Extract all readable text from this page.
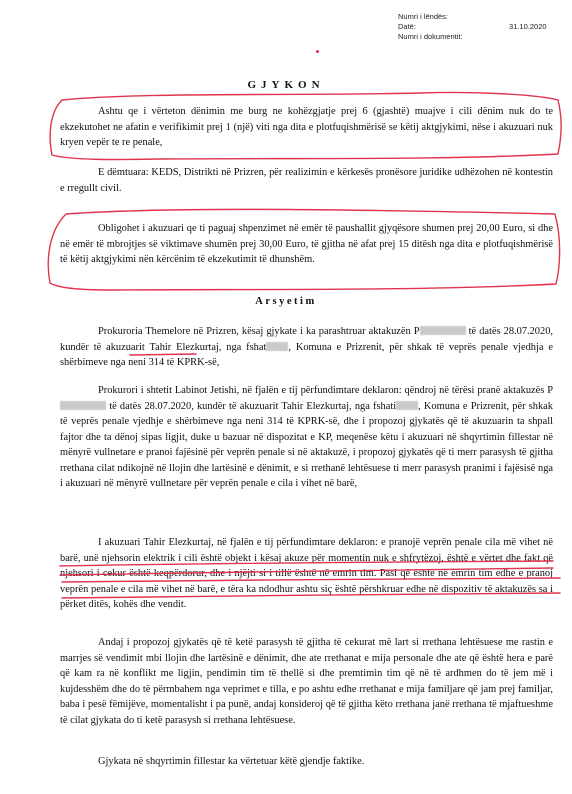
Numri i lëndës:
Datë:	31.10.2020
Numri i dokumentit:
GJYKON

Ashtu qe i vërteton dënimin me burg ne kohëzgjatje prej 6 (gjashtë) muajve i cili dënim nuk do te ekzekutohet ne afatin e verifikimit prej 1 (një) viti nga dita e plotfuqishmërisë se këtij aktgjykimi, nëse i akuzuari nuk kryen vepër te re penale,

E dëmtuara: KEDS, Distrikti në Prizren, për realizimin e kërkesës pronësore juridike udhëzohen në kontestin e rregullt civil.

Obligohet i akuzuari qe ti paguaj shpenzimet në emër të paushallit gjyqësore shumen prej 20,00 Euro, si dhe në emër të mbrojtjes së viktimave shumën prej 30,00 Euro, të gjitha në afat prej 15 ditësh nga dita e plotfuqishmërisë të këtij aktgjykimi nën kërcënim të ekzekutimit të dhunshëm.

Arsyetim

Prokuroria Themelore në Prizren, kësaj gjykate i ka parashtruar aktakuzën P	të datës 28.07.2020, kundër të akuzuarit Tahir Elezkurtaj, nga fshat , Komuna e Prizrenit, për shkak të veprës penale vjedhja e shërbimeve nga neni 314 të KPRK-së,

Prokurori i shtetit Labinot Jetishi, në fjalën e tij përfundimtare deklaron: qëndroj në tërësi pranë aktakuzës P të datës 28.07.2020, kundër të akuzuarit Tahir Elezkurtaj, nga fshati , Komuna e Prizrenit, për shkak të veprës penale vjedhje e shërbimeve nga neni 314 të KPRK-së, dhe i propozoj gjykatës që të akuzuarin ta shpall fajtor dhe ta dënoj sipas ligjit, duke u bazuar në dispozitat e KP, meqenëse këtu i akuzuari në shqyrtimin fillestar në mënyrë vullnetare e pranoi fajësinë për veprën penale si në aktakuzë, i propozoj gjykatës që ti merr parasysh të gjitha rrethana cilat ndikojnë në llojin dhe lartësinë e dënimit, e si rrethanë lehtësuese ti merr parasysh pranimi i fajësisë nga i akuzuari në mënyrë vullnetare për veprën penale e cila i vihet në barë,

I akuzuari Tahir Elezkurtaj, në fjalën e tij përfundimtare deklaron: e pranojë veprën penale cila më vihet në barë, unë njehsorin elektrik i cili është objekt i kësaj akuze për momentin nuk e shfrytëzoj, është e vërtet dhe fakt që njehsori i cekur është keqpërdorur, dhe i njëjti si i tillë është në emrin tim. Pasi që është në emrin tim edhe e pranoj veprën penale e cila më vihet në barë, e tëra ka ndodhur ashtu siç është përshkruar edhe në dispozitiv të aktakuzës sa i përket ditës, kohës dhe vendit.

Andaj i propozoj gjykatës që të ketë parasysh të gjitha të cekurat më lart si rrethana lehtësuese me rastin e marrjes së vendimit mbi llojin dhe lartësinë e dënimit, dhe ate rrethanat e mija personale dhe ate që është hera e parë që kam ra në konflikt me ligjin, pendimin tim të thellë si dhe premtimin tim që në të ardhmen do të jem më i kujdesshëm dhe do të përmbahem nga veprimet e tilla, e po ashtu edhe rrethanat e mija familjare që jam prej familjar, baba i pesë fëmijëve, momentalisht i pa punë, andaj konsideroj që të gjitha këto rrethana janë rrethana të mjaftueshme të cilat gjykata do ti ketë parasysh si rrethana lehtësuese.

Gjykata në shqyrtimin fillestar ka vërtetuar këtë gjendje faktike.
